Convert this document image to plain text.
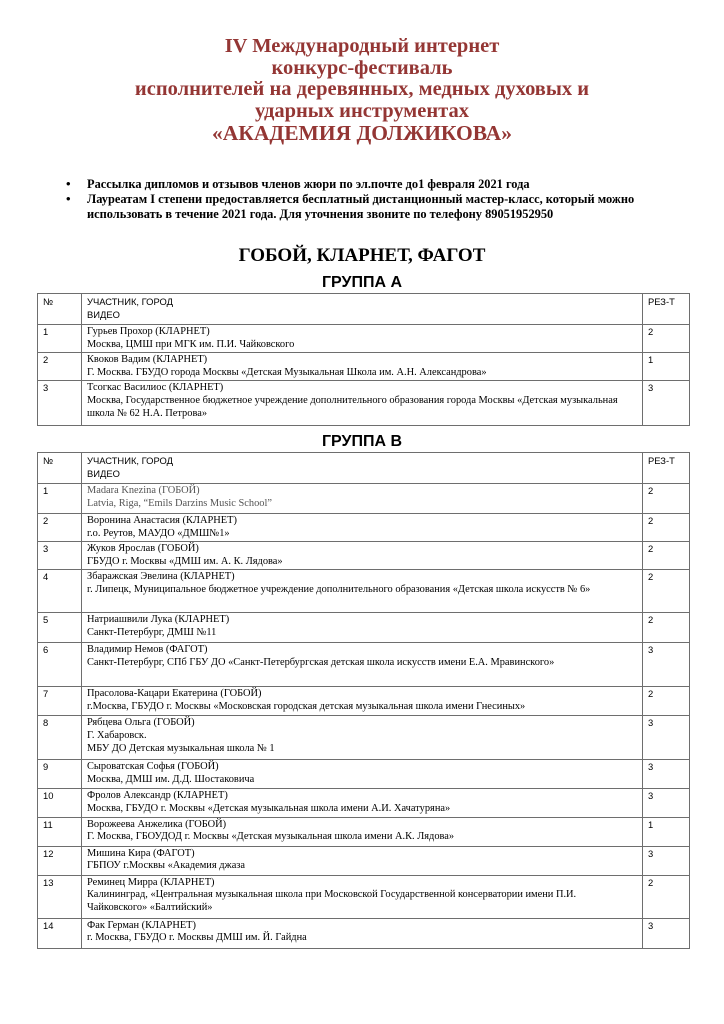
IV Международный интернет
конкурс-фестиваль
исполнителей на деревянных, медных духовых и
ударных инструментах
«АКАДЕМИЯ ДОЛЖИКОВА»
• Рассылка дипломов и отзывов членов жюри по эл.почте до1 февраля 2021 года
• Лауреатам I степени предоставляется бесплатный дистанционный мастер-класс, который можно использовать в течение 2021 года. Для уточнения звоните по телефону 89051952950
ГОБОЙ, КЛАРНЕТ, ФАГОТ
ГРУППА А
№	УЧАСТНИК, ГОРОД
ВИДЕО	РЕЗ-Т
1	Гурьев Прохор (КЛАРНЕТ)
Москва, ЦМШ при МГК им. П.И. Чайковского	2
2	Квоков Вадим (КЛАРНЕТ)
Г. Москва. ГБУДО города Москвы «Детская Музыкальная Школа им. А.Н. Александрова»	1
3	Тсогкас Василиос (КЛАРНЕТ)
Москва, Государственное бюджетное учреждение дополнительного образования города Москвы «Детская музыкальная школа № 62 Н.А. Петрова»	3
ГРУППА В
№	УЧАСТНИК, ГОРОД
ВИДЕО	РЕЗ-Т
1	Madara Knezina (ГОБОЙ)
Latvia, Riga, “Emils Darzins Music School”	2
2	Воронина Анастасия (КЛАРНЕТ)
г.о. Реутов, МАУДО «ДМШ№1»	2
3	Жуков Ярослав (ГОБОЙ)
ГБУДО г. Москвы «ДМШ им. А. К. Лядова»	2
4	Збаражская Эвелина (КЛАРНЕТ)
г. Липецк, Муниципальное бюджетное учреждение дополнительного образования «Детская школа искусств № 6»	2
5	Натриашвили Лука (КЛАРНЕТ)
Санкт-Петербург, ДМШ №11	2
6	Владимир Немов (ФАГОТ)
Санкт-Петербург, СПб ГБУ ДО «Санкт-Петербургская детская школа искусств имени Е.А. Мравинского»	3
7	Прасолова-Кацари Екатерина (ГОБОЙ)
г.Москва, ГБУДО г. Москвы «Московская городская детская музыкальная школа имени Гнесиных»	2
8	Рябцева Ольга (ГОБОЙ)
Г. Хабаровск.
МБУ ДО Детская музыкальная школа № 1	3
9	Сыроватская Софья (ГОБОЙ)
Москва, ДМШ им. Д.Д. Шостаковича	3
10	Фролов Александр (КЛАРНЕТ)
Москва, ГБУДО г. Москвы «Детская музыкальная школа имени А.И. Хачатуряна»	3
11	Ворожеева Анжелика (ГОБОЙ)
Г. Москва, ГБОУДОД г. Москвы «Детская музыкальная школа имени А.К. Лядова»	1
12	Мишина Кира (ФАГОТ)
ГБПОУ г.Москвы «Академия джаза	3
13	Реминец Мирра (КЛАРНЕТ)
Калининград, «Центральная музыкальная школа при Московской Государственной консерватории имени П.И. Чайковского» «Балтийский»	2
14	Фак Герман (КЛАРНЕТ)
г. Москва, ГБУДО г. Москвы ДМШ им. Й. Гайдна	3
